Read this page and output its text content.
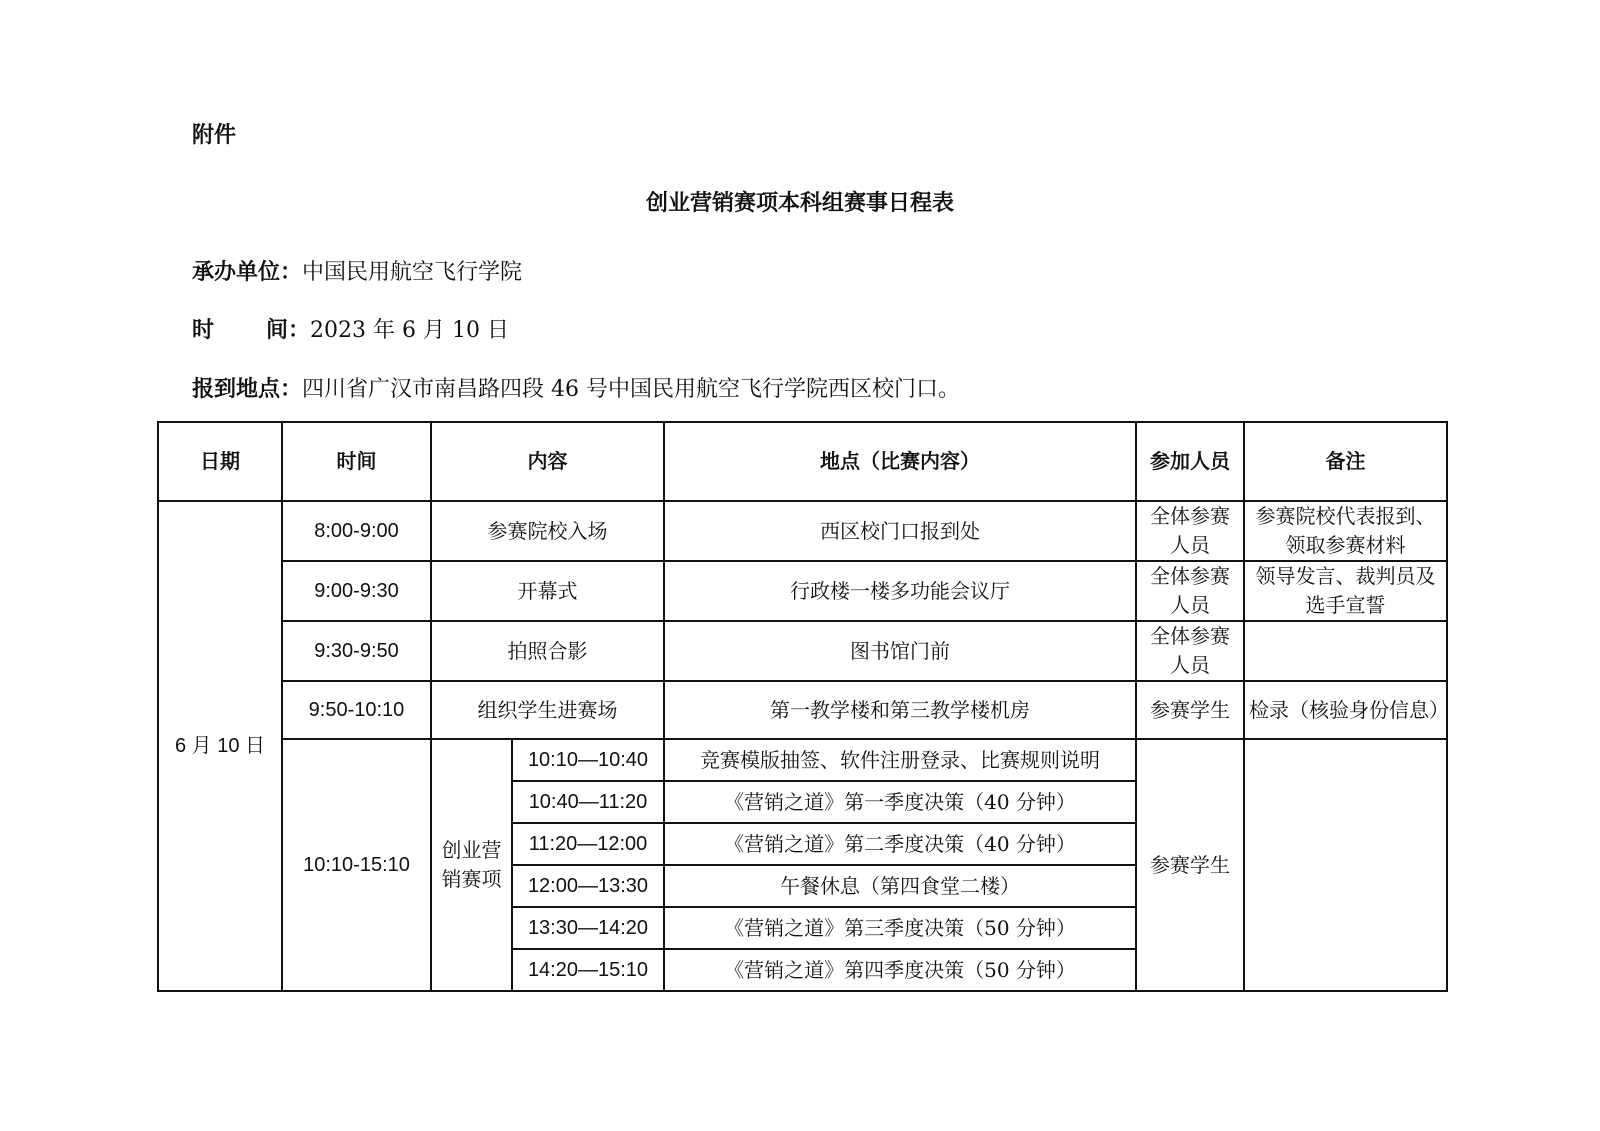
附件
创业营销赛项本科组赛事日程表
承办单位：中国民用航空飞行学院
时 间：2023 年 6 月 10 日
报到地点：四川省广汉市南昌路四段 46 号中国民用航空飞行学院西区校门口。
日期	时间	内容		地点（比赛内容）	参加人员	备注
6 月 10 日	8:00-9:00	参赛院校入场		西区校门口报到处	全体参赛人员	参赛院校代表报到、领取参赛材料
	9:00-9:30	开幕式		行政楼一楼多功能会议厅	全体参赛人员	领导发言、裁判员及选手宣誓
	9:30-9:50	拍照合影		图书馆门前	全体参赛人员	
	9:50-10:10	组织学生进赛场		第一教学楼和第三教学楼机房	参赛学生	检录（核验身份信息）
	10:10-15:10	创业营销赛项	10:10—10:40	竞赛模版抽签、软件注册登录、比赛规则说明	参赛学生	
			10:40—11:20	《营销之道》第一季度决策（40 分钟）		
			11:20—12:00	《营销之道》第二季度决策（40 分钟）		
			12:00—13:30	午餐休息（第四食堂二楼）		
			13:30—14:20	《营销之道》第三季度决策（50 分钟）		
			14:20—15:10	《营销之道》第四季度决策（50 分钟）		
